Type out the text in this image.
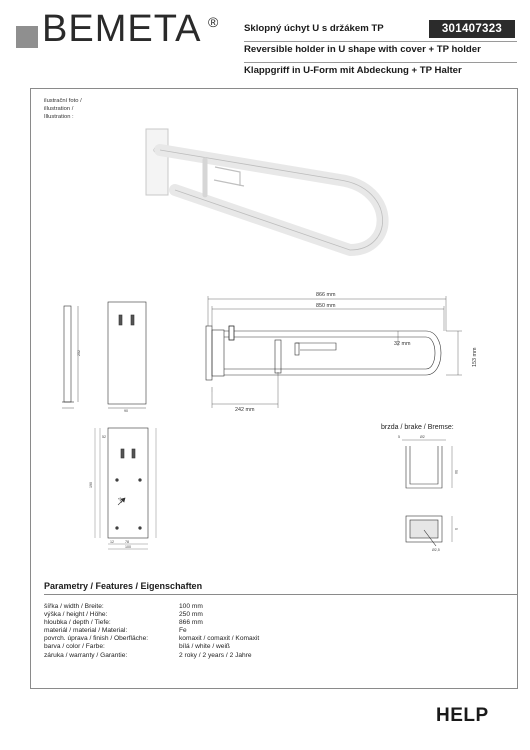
BEMETA ®	Sklopný úchyt U s držákem TP
Reversible holder in U shape with cover + TP holder
Klappgriff in U-Form mit Abdeckung + TP Halter
301407323
ilustrační foto /
illustration /
Illustration :
252
90
866 mm
850 mm
32 mm
153 mm
242 mm
52
190
245
12	78
100
5	Ø2
50
5
Ø2,5
brzda / brake / Bremse:
Parametry / Features / Eigenschaften
šířka / width / Breite:	100 mm
výška / height / Höhe:	250 mm
hloubka / depth / Tiefe:	866 mm
materiál / material / Material:	Fe
povrch. úprava / finish / Oberfläche:	komaxit / comaxit / Komaxit
barva / color / Farbe:	bílá / white / weiß
záruka / warranty / Garantie:	2 roky / 2 years / 2 Jahre
HELP
